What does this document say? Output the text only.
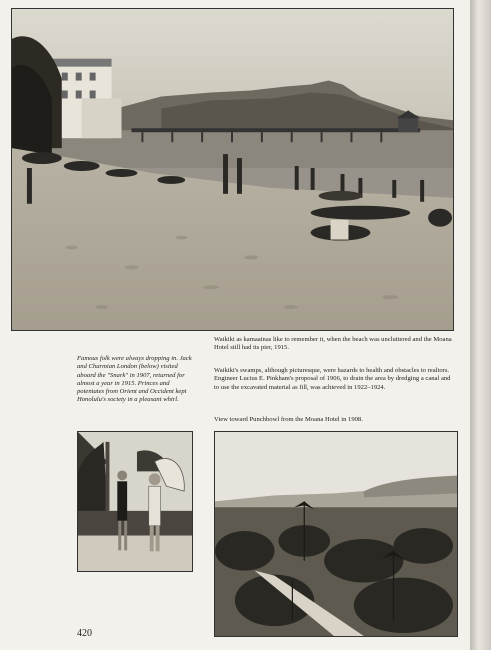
Waikiki as kamaainas like to remember it, when the beach was uncluttered and the Moana Hotel still had its pier, 1915.

Famous folk were always dropping in. Jack and Charmian London (below) visited aboard the "Snark" in 1907, returned for almost a year in 1915. Princes and potentates from Orient and Occident kept Honolulu's society in a pleasant whirl.

Waikiki's swamps, although picturesque, were hazards to health and obstacles to realtors. Engineer Lucius E. Pinkham's proposal of 1906, to drain the area by dredging a canal and to use the excavated material as fill, was achieved in 1922–1924.

View toward Punchbowl from the Moana Hotel in 1908.

420
